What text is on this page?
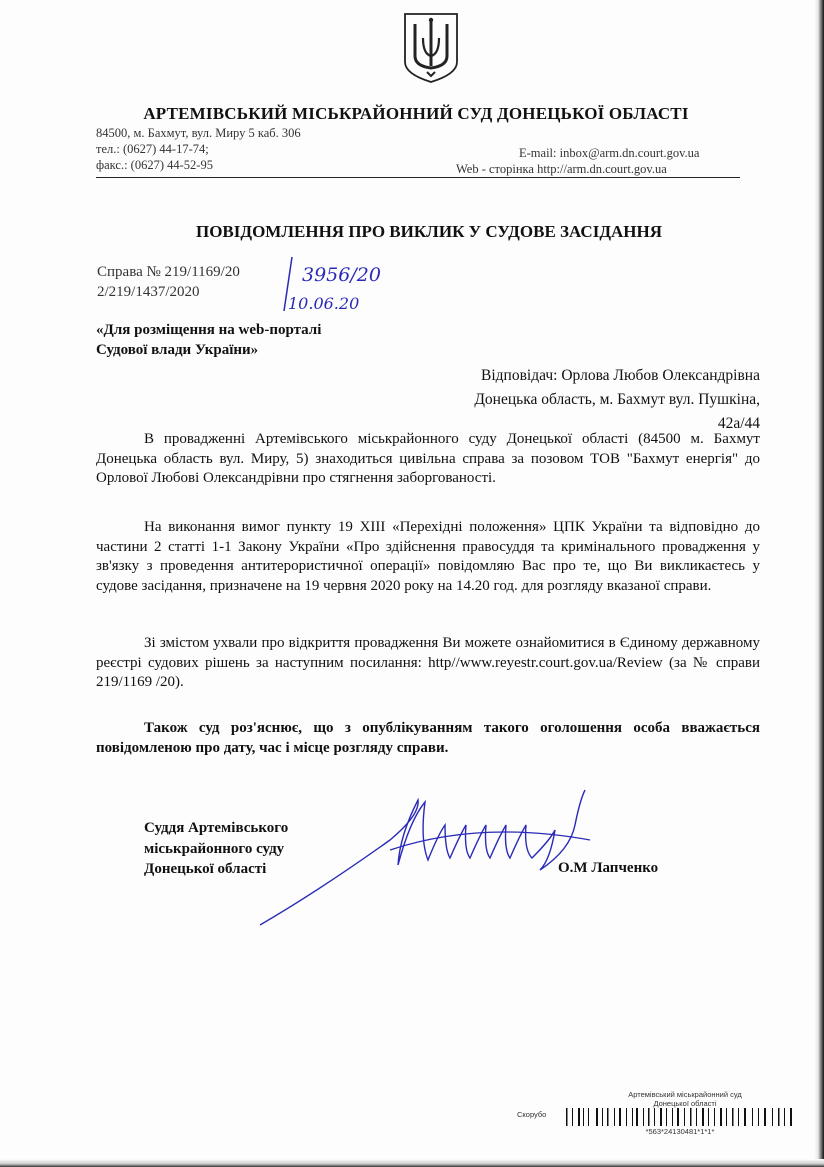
АРТЕМІВСЬКИЙ МІСЬКРАЙОННИЙ СУД ДОНЕЦЬКОЇ ОБЛАСТІ
84500, м. Бахмут, вул. Миру 5 каб. 306
тел.: (0627) 44-17-74;
факс.: (0627) 44-52-95
E-mail: inbox@arm.dn.court.gov.ua
Web - сторінка http://arm.dn.court.gov.ua
ПОВІДОМЛЕННЯ ПРО ВИКЛИК У СУДОВЕ ЗАСІДАННЯ
Справа № 219/1169/20
2/219/1437/2020
3956/20
10.06.20
«Для розміщення на web-порталі
Судової влади України»
Відповідач: Орлова Любов Олександрівна
Донецька область, м. Бахмут вул. Пушкіна,
42а/44
В провадженні Артемівського міськрайонного суду Донецької області (84500 м. Бахмут Донецька область вул. Миру, 5) знаходиться цивільна справа за позовом ТОВ "Бахмут енергія" до Орлової Любові Олександрівни про стягнення заборгованості.
На виконання вимог пункту 19 ХІІІ «Перехідні положення» ЦПК України та відповідно до частини 2 статті 1-1 Закону України «Про здійснення правосуддя та кримінального провадження у зв'язку з проведення антитерористичної операції» повідомляю Вас про те, що Ви викликаєтесь у судове засідання, призначене на 19 червня 2020 року на 14.20 год. для розгляду вказаної справи.
Зі змістом ухвали про відкриття провадження Ви можете ознайомитися в Єдиному державному реєстрі судових рішень за наступним посилання: http//www.reyestr.court.gov.ua/Review (за № справи 219/1169 /20).
Також суд роз'яснює, що з опублікуванням такого оголошення особа вважається повідомленою про дату, час і місце розгляду справи.
Суддя Артемівського
міськрайонного суду
Донецької області	О.М Лапченко
Артемівський міськрайонний суд
Донецької області
Скорубо
*563*24130481*1*1*
